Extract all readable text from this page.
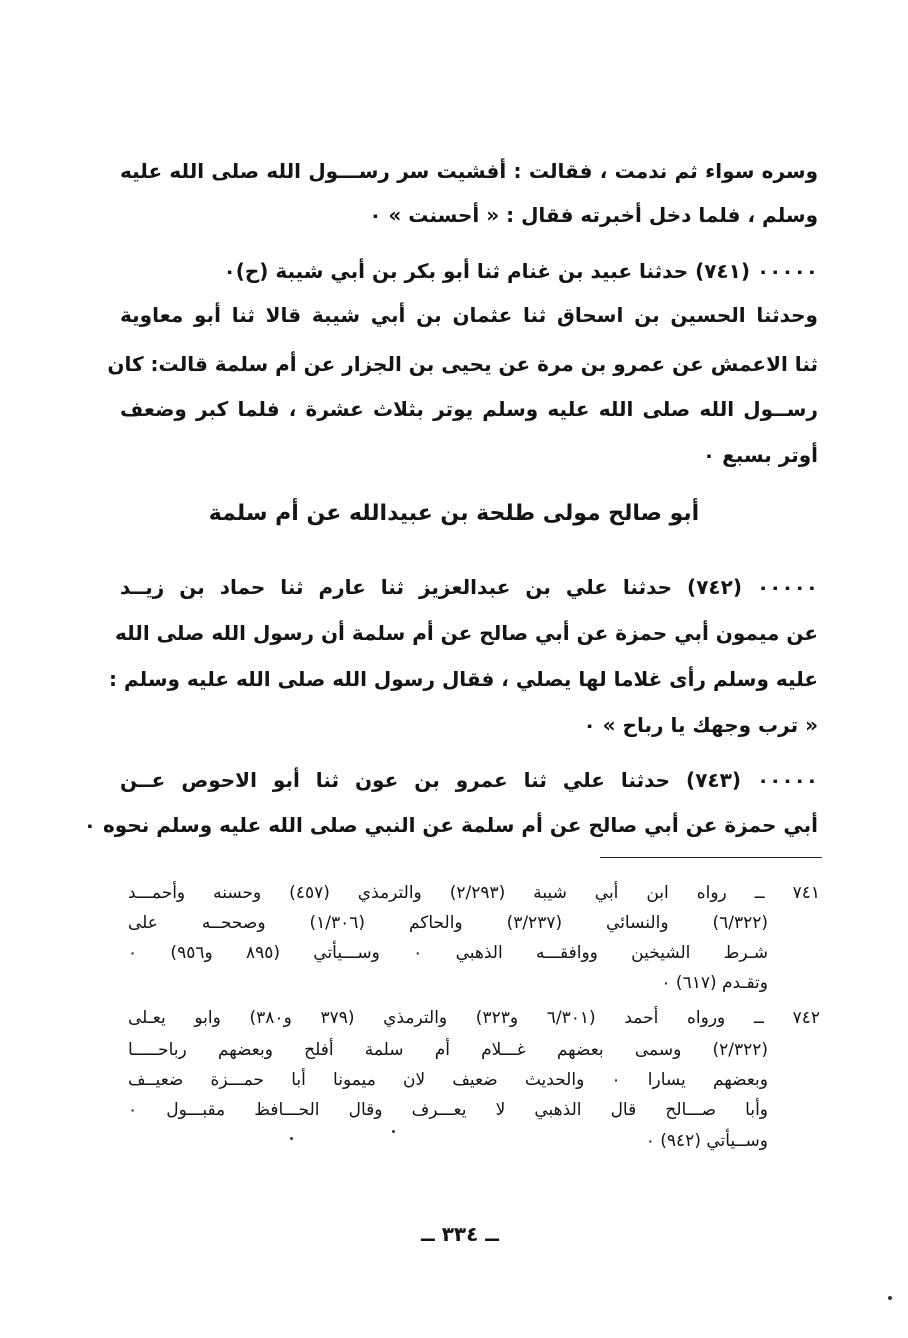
وسره سواء ثم ندمت ، فقالت : أفشيت سر رســـول الله صلى الله عليه
وسلم ، فلما دخل أخبرته فقال : « أحسنت » ٠
٠٠٠٠٠ (٧٤١) حدثنا عبيد بن غنام ثنا أبو بكر بن أبي شيبة (ح)٠
وحدثنا الحسين بن اسحاق ثنا عثمان بن أبي شيبة قالا ثنا أبو معاوية
ثنا الاعمش عن عمرو بن مرة عن يحيى بن الجزار عن أم سلمة قالت: كان
رســول الله صلى الله عليه وسلم يوتر بثلاث عشرة ، فلما كبر وضعف
أوتر بسبع ٠
أبو صالح مولى طلحة بن عبيدالله عن أم سلمة
٠٠٠٠٠ (٧٤٢) حدثنا علي بن عبدالعزيز ثنا عارم ثنا حماد بن زيــد
عن ميمون أبي حمزة عن أبي صالح عن أم سلمة أن رسول الله صلى الله
عليه وسلم رأى غلاما لها يصلي ، فقال رسول الله صلى الله عليه وسلم :
« ترب وجهك يا رباح » ٠
٠٠٠٠٠ (٧٤٣) حدثنا علي ثنا عمرو بن عون ثنا أبو الاحوص عــن
أبي حمزة عن أبي صالح عن أم سلمة عن النبي صلى الله عليه وسلم نحوه ٠
٧٤١ ــ رواه ابن أبي شيبة (٢/٢٩٣) والترمذي (٤٥٧) وحسنه وأحمـــد
(٦/٣٢٢) والنسائي (٣/٢٣٧) والحاكم (١/٣٠٦) وصححــه على
شـرط الشيخين ووافقـــه الذهبي ٠ وســـيأتي (٨٩٥ و٩٥٦) ٠
وتقـدم (٦١٧) ٠
٧٤٢ ــ ورواه أحمد (٦/٣٠١ و٣٢٣) والترمذي (٣٧٩ و٣٨٠) وابو يعـلى
(٢/٣٢٢) وسمى بعضهم غـــلام أم سلمة أفلح وبعضهم رباحـــــا
وبعضهم يسارا ٠ والحديث ضعيف لان ميمونا أبا حمـــزة ضعيــف
وأبا صـــالح قال الذهبي لا يعـــرف وقال الحـــافظ مقبـــول ٠
وســيأتي (٩٤٢) ٠
ــ ٣٣٤ ــ
